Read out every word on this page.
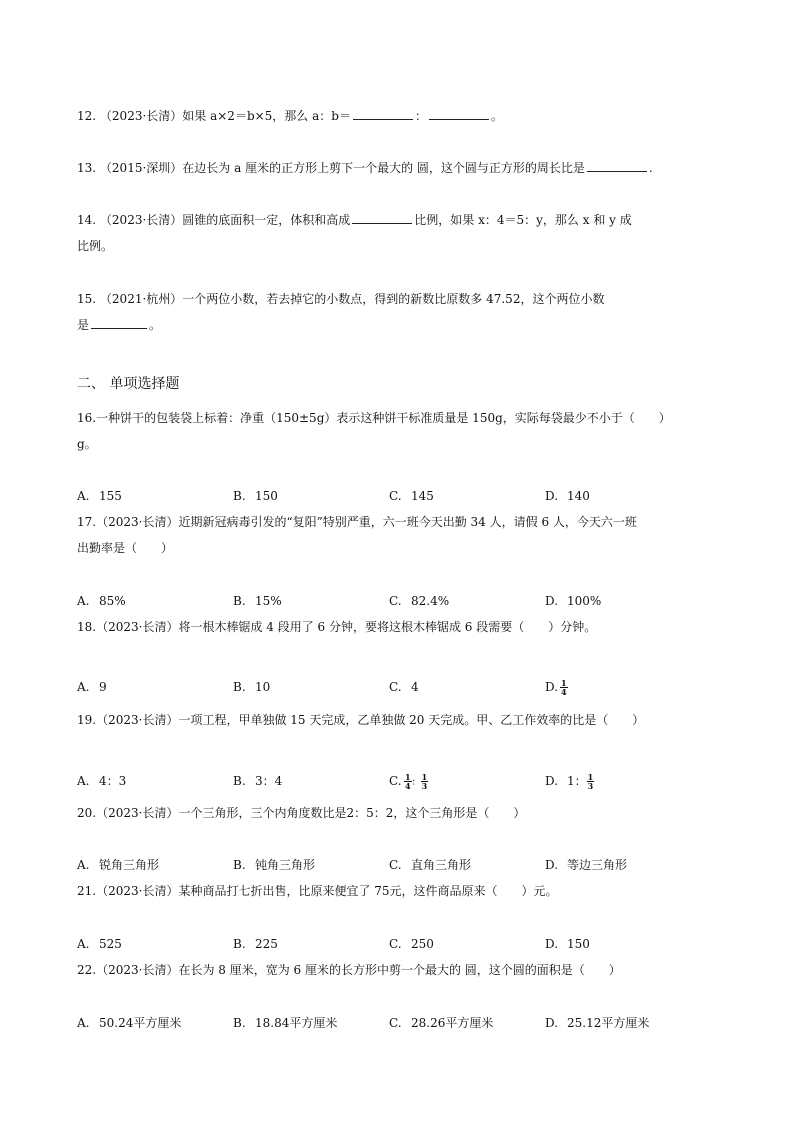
12. （2023·长清）如果 a×2＝b×5，那么 a：b＝	：	。
13. （2015·深圳）在边长为 a 厘米的正方形上剪下一个最大的 圆，这个圆与正方形的周长比是	.
14. （2023·长清）圆锥的底面积一定，体积和高成	比例，如果 x：4＝5：y，那么 x 和 y 成
比例。
15. （2021·杭州）一个两位小数，若去掉它的小数点，得到的新数比原数多 47.52，这个两位小数
是	。
二、 单项选择题
16.一种饼干的包装袋上标着：净重（150±5g）表示这种饼干标准质量是 150g，实际每袋最少不小于（　　）
g。
A. 155	B. 150	C. 145	D. 140
17.（2023·长清）近期新冠病毒引发的“复阳”特别严重，六一班今天出勤 34 人，请假 6 人，今天六一班
出勤率是（　　）
A. 85%	B. 15%	C. 82.4%	D. 100%
18.（2023·长清）将一根木棒锯成 4 段用了 6 分钟，要将这根木棒锯成 6 段需要（　　）分钟。
A. 9	B. 10	C. 4	D. $\frac{1}{4}$
19.（2023·长清）一项工程，甲单独做 15 天完成，乙单独做 20 天完成。甲、乙工作效率的比是（　　）
A. 4：3	B. 3：4	C. $\frac{1}{4}$ ： $\frac{1}{3}$	D. 1： $\frac{1}{3}$
20.（2023·长清）一个三角形，三个内角度数比是2：5：2，这个三角形是（　　）
A. 锐角三角形	B. 钝角三角形	C. 直角三角形	D. 等边三角形
21.（2023·长清）某种商品打七折出售，比原来便宜了 75元，这件商品原来（　　）元。
A. 525	B. 225	C. 250	D. 150
22.（2023·长清）在长为 8 厘米，宽为 6 厘米的长方形中剪一个最大的 圆，这个圆的面积是（　　）
A. 50.24平方厘米	B. 18.84平方厘米	C. 28.26平方厘米	D. 25.12平方厘米
